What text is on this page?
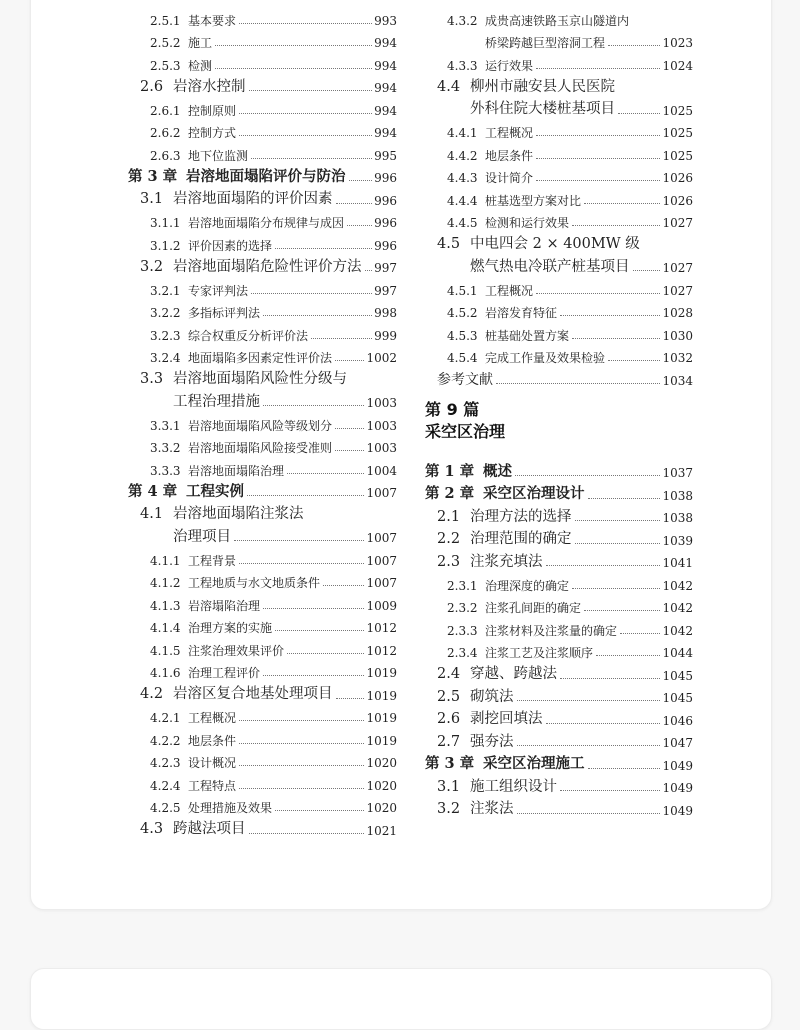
2.5.1 基本要求	993
2.5.2 施工	994
2.5.3 检测	994
2.6 岩溶水控制	994
2.6.1 控制原则	994
2.6.2 控制方式	994
2.6.3 地下位监测	995
第 3 章 岩溶地面塌陷评价与防治 996
3.1 岩溶地面塌陷的评价因素	996
3.1.1 岩溶地面塌陷分布规律与成因	996
3.1.2 评价因素的选择	996
3.2 岩溶地面塌陷危险性评价方法 997
3.2.1 专家评判法	997
3.2.2 多指标评判法	998
3.2.3 综合权重反分析评价法	999
3.2.4 地面塌陷多因素定性评价法	1002
3.3 岩溶地面塌陷风险性分级与
工程治理措施	1003
3.3.1 岩溶地面塌陷风险等级划分	1003
3.3.2 岩溶地面塌陷风险接受准则	1003
3.3.3 岩溶地面塌陷治理	1004
第 4 章 工程实例	1007
4.1 岩溶地面塌陷注浆法
治理项目	1007
4.1.1 工程背景	1007
4.1.2 工程地质与水文地质条件	1007
4.1.3 岩溶塌陷治理	1009
4.1.4 治理方案的实施	1012
4.1.5 注浆治理效果评价	1012
4.1.6 治理工程评价	1019
4.2 岩溶区复合地基处理项目	1019
4.2.1 工程概况	1019
4.2.2 地层条件	1019
4.2.3 设计概况	1020
4.2.4 工程特点	1020
4.2.5 处理措施及效果	1020
4.3 跨越法项目	1021
4.3.2 成贵高速铁路玉京山隧道内
桥梁跨越巨型溶洞工程	1023
4.3.3 运行效果	1024
4.4 柳州市融安县人民医院
外科住院大楼桩基项目	1025
4.4.1 工程概况	1025
4.4.2 地层条件	1025
4.4.3 设计简介	1026
4.4.4 桩基选型方案对比	1026
4.4.5 检测和运行效果	1027
4.5 中电四会 2 × 400MW 级
燃气热电冷联产桩基项目	1027
4.5.1 工程概况	1027
4.5.2 岩溶发育特征	1028
4.5.3 桩基础处置方案	1030
4.5.4 完成工作量及效果检验	1032
参考文献	1034
第 9 篇
采空区治理
第 1 章 概述	1037
第 2 章 采空区治理设计	1038
2.1 治理方法的选择	1038
2.2 治理范围的确定	1039
2.3 注浆充填法	1041
2.3.1 治理深度的确定	1042
2.3.2 注浆孔间距的确定	1042
2.3.3 注浆材料及注浆量的确定	1042
2.3.4 注浆工艺及注浆顺序	1044
2.4 穿越、跨越法	1045
2.5 砌筑法	1045
2.6 剥挖回填法	1046
2.7 强夯法	1047
第 3 章 采空区治理施工	1049
3.1 施工组织设计	1049
3.2 注浆法	1049
